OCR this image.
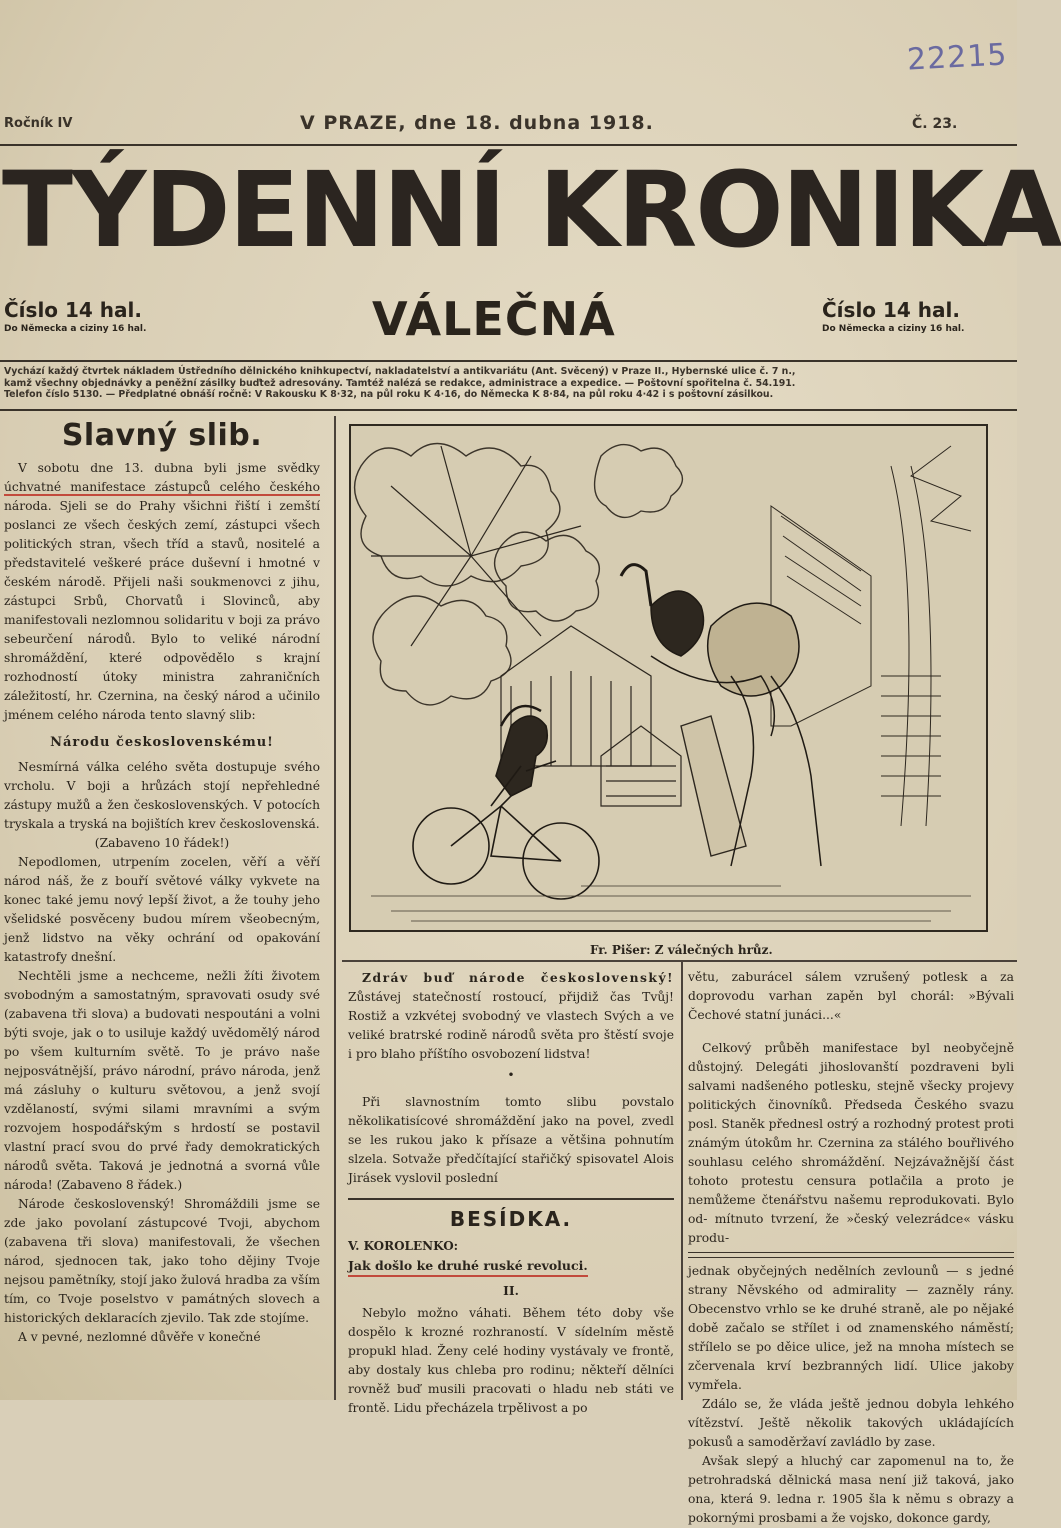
22215
Ročník IV	V PRAZE, dne 18. dubna 1918.	Č. 23.
TÝDENNÍ KRONIKA
Číslo 14 hal.
Do Německa a ciziny 16 hal.	VÁLEČNÁ	Číslo 14 hal.
Do Německa a ciziny 16 hal.
Vychází každý čtvrtek nákladem Ústředního dělnického knihkupectví, nakladatelství a antikvariátu (Ant. Svěcený) v Praze II., Hybernské ulice č. 7 n.,
kamž všechny objednávky a peněžní zásilky buďtež adresovány. Tamtéž nalézá se redakce, administrace a expedice. — Poštovní spořitelna č. 54.191.
Telefon číslo 5130. — Předplatné obnáší ročně: V Rakousku K 8·32, na půl roku K 4·16, do Německa K 8·84, na půl roku 4·42 i s poštovní zásilkou.
Slavný slib.

V sobotu dne 13. dubna byli jsme svědky úchvatné manifestace zástupců celého českého národa. Sjeli se do Prahy všichni řiští i zemští poslanci ze všech českých zemí, zástupci všech politických stran, všech tříd a stavů, nositelé a představitelé veškeré práce duševní i hmotné v českém národě. Přijeli naši soukmenovci z jihu, zástupci Srbů, Chorvatů i Slovinců, aby manifestovali nezlomnou solidaritu v boji za právo sebeurčení národů. Bylo to veliké národní shromáždění, které odpovědělo s krajní rozhodností útoky ministra zahraničních záležitostí, hr. Czernina, na český národ a učinilo jménem celého národa tento slavný slib:

Národu československému!

Nesmírná válka celého světa dostupuje svého vrcholu. V boji a hrůzách stojí nepřehledné zástupy mužů a žen československých. V potocích tryskala a tryská na bojištích krev československá.

(Zabaveno 10 řádek!)

Nepodlomen, utrpením zocelen, věří a věří národ náš, že z bouří světové války vykvete na konec také jemu nový lepší život, a že touhy jeho všelidské posvěceny budou mírem všeobecným, jenž lidstvo na věky ochrání od opakování katastrofy dnešní.

Nechtěli jsme a nechceme, nežli žíti životem svobodným a samostatným, spravovati osudy své (zabavena tři slova) a budovati nespoutáni a volni býti svoje, jak o to usiluje každý uvědomělý národ po všem kulturním světě. To je právo naše nejposvátnější, právo národní, právo národa, jenž má zásluhy o kulturu světovou, a jenž svojí vzdělaností, svými silami mravními a svým rozvojem hospodářským s hrdostí se postavil vlastní prací svou do prvé řady demokratických národů světa. Taková je jednotná a svorná vůle národa! (Zabaveno 8 řádek.)

Národe československý! Shromáždili jsme se zde jako povolaní zástupcové Tvoji, abychom (zabavena tři slova) manifestovali, že všechen národ, sjednocen tak, jako toho dějiny Tvoje nejsou pamětníky, stojí jako žulová hradba za vším tím, co Tvoje poselstvo v památných slovech a historických deklaracích zjevilo. Tak zde stojíme.

A v pevné, nezlomné důvěře v konečné

Fr. Pišer: Z válečných hrůz.

Zdráv buď národe československý! Zůstávej statečností rostoucí, přijdiž čas Tvůj! Rostiž a vzkvétej svobodný ve vlastech Svých a ve veliké bratrské rodině národů světa pro štěstí svoje i pro blaho příštího osvobození lidstva!

•

Při slavnostním tomto slibu povstalo několikatisícové shromáždění jako na povel, zvedl se les rukou jako k přísaze a většina pohnutím slzela. Sotvaže předčítající stařičký spisovatel Alois Jirásek vyslovil poslední

BESÍDKA.

V. KOROLENKO:

Jak došlo ke druhé ruské revoluci.

II.

Nebylo možno váhati. Během této doby vše dospělo k krozné rozhraností. V sídelním městě propukl hlad. Ženy celé hodiny vystávaly ve frontě, aby dostaly kus chleba pro rodinu; někteří dělníci rovněž buď musili pracovati o hladu neb státi ve frontě. Lidu přecházela trpělivost a po

větu, zaburácel sálem vzrušený potlesk a za doprovodu varhan zapěn byl chorál: »Bývali Čechové statní junáci...«

Celkový průběh manifestace byl neobyčejně důstojný. Delegáti jihoslovanští pozdraveni byli salvami nadšeného potlesku, stejně všecky projevy politických činovníků. Předseda Českého svazu posl. Staněk přednesl ostrý a rozhodný protest proti známým útokům hr. Czernina za stálého bouřlivého souhlasu celého shromáždění. Nejzávažnější část tohoto protestu censura potlačila a proto je nemůžeme čtenářstvu našemu reprodukovati. Bylo od- mítnuto tvrzení, že »český velezrádce« vásku produ-

jednak obyčejných nedělních zevlounů — s jedné strany Něvského od admirality — zazněly rány. Obecenstvo vrhlo se ke druhé straně, ale po nějaké době začalo se střílet i od znamenského náměstí; střílelo se po děice ulice, jež na mnoha místech se zčervenala krví bezbranných lidí. Ulice jakoby vymřela.

Zdálo se, že vláda ještě jednou dobyla lehkého vítězství. Ještě několik takových ukládajících pokusů a samoděržaví zavládlo by zase.

Avšak slepý a hluchý car zapomenul na to, že petrohradská dělnická masa není již taková, jako ona, která 9. ledna r. 1905 šla k němu s obrazy a pokornými prosbami a že vojsko, dokonce gardy,
